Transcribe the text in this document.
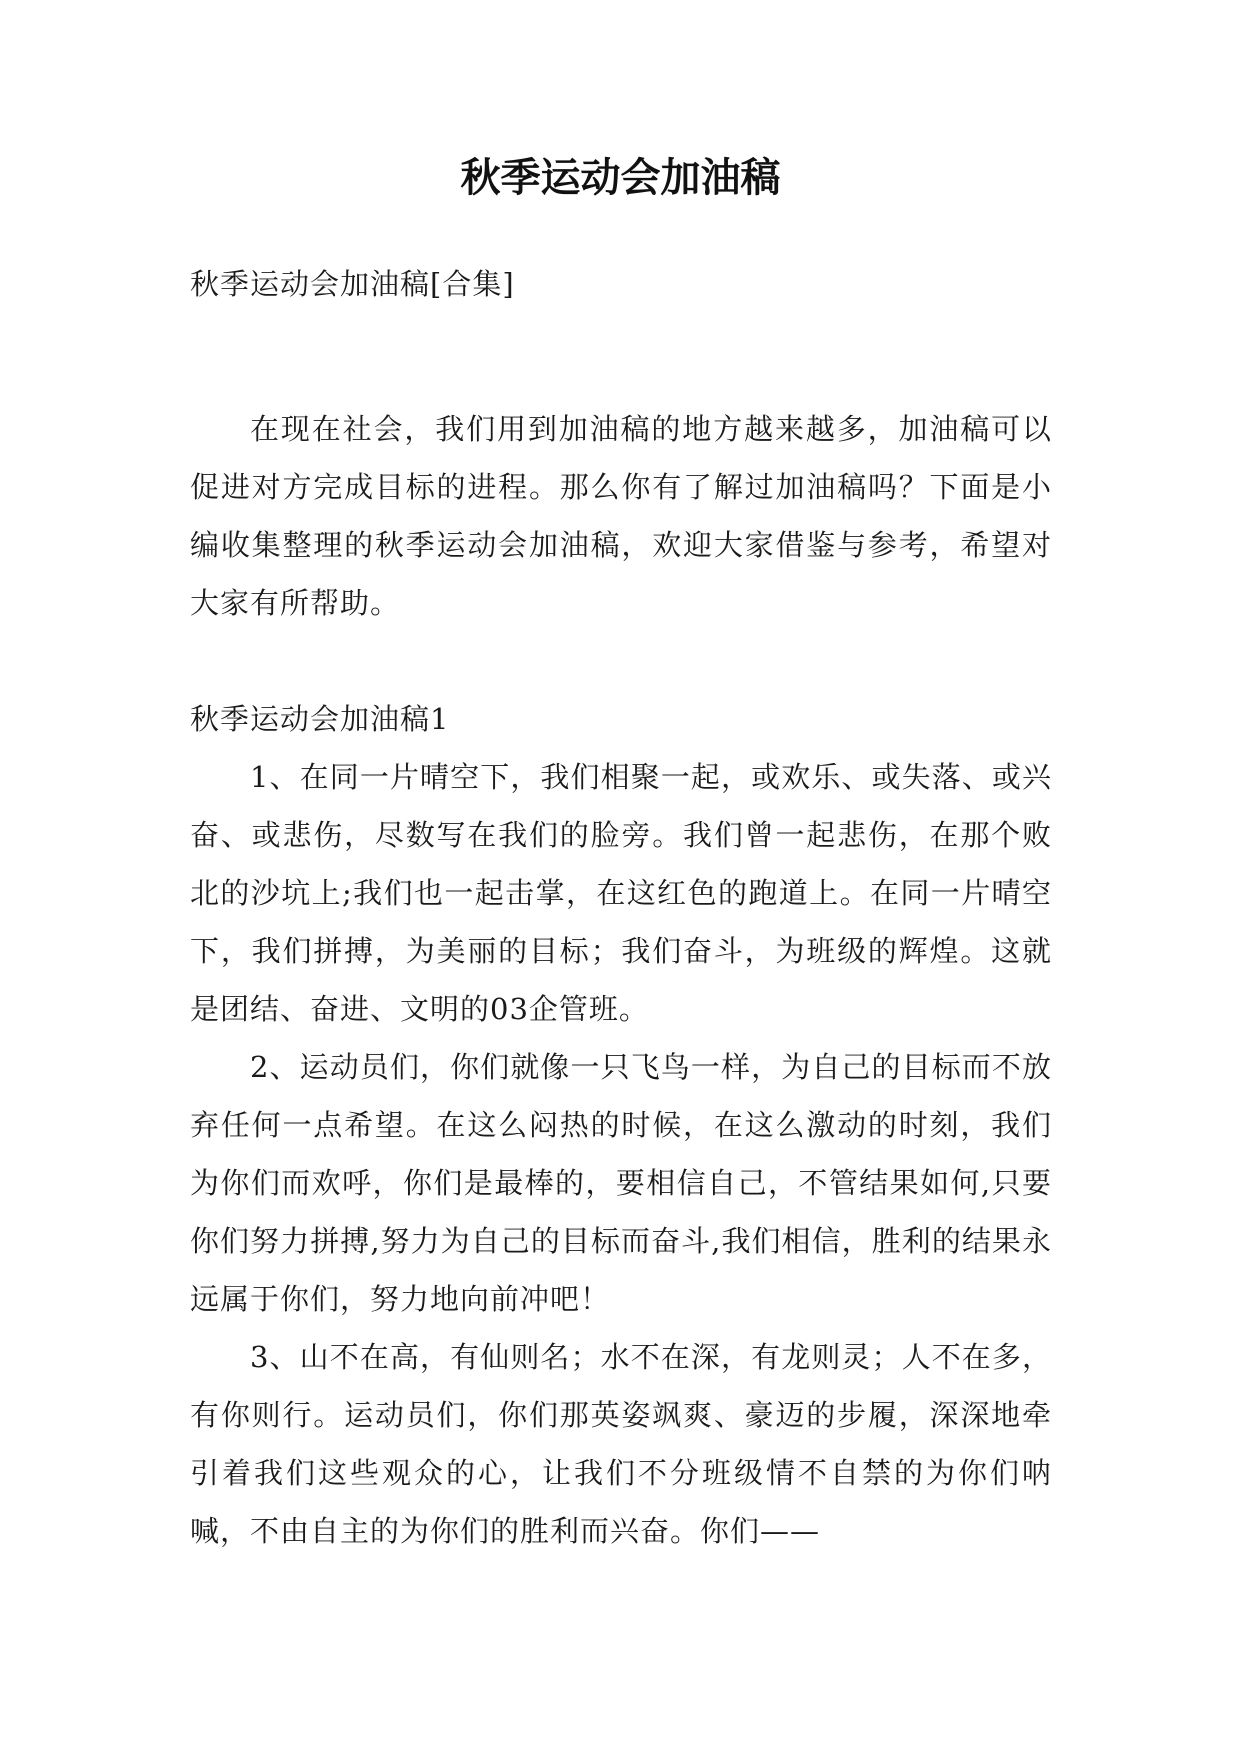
秋季运动会加油稿

秋季运动会加油稿[合集]

在现在社会，我们用到加油稿的地方越来越多，加油稿可以促进对方完成目标的进程。那么你有了解过加油稿吗？下面是小编收集整理的秋季运动会加油稿，欢迎大家借鉴与参考，希望对大家有所帮助。

秋季运动会加油稿1

1、在同一片晴空下，我们相聚一起，或欢乐、或失落、或兴奋、或悲伤，尽数写在我们的脸旁。我们曾一起悲伤，在那个败北的沙坑上;我们也一起击掌，在这红色的跑道上。在同一片晴空下，我们拼搏，为美丽的目标；我们奋斗，为班级的辉煌。这就是团结、奋进、文明的03企管班。

2、运动员们，你们就像一只飞鸟一样，为自己的目标而不放弃任何一点希望。在这么闷热的时候，在这么激动的时刻，我们为你们而欢呼，你们是最棒的，要相信自己，不管结果如何,只要你们努力拼搏,努力为自己的目标而奋斗,我们相信，胜利的结果永远属于你们，努力地向前冲吧！

3、山不在高，有仙则名；水不在深，有龙则灵；人不在多，有你则行。运动员们，你们那英姿飒爽、豪迈的步履，深深地牵引着我们这些观众的心，让我们不分班级情不自禁的为你们呐喊，不由自主的为你们的胜利而兴奋。你们——
